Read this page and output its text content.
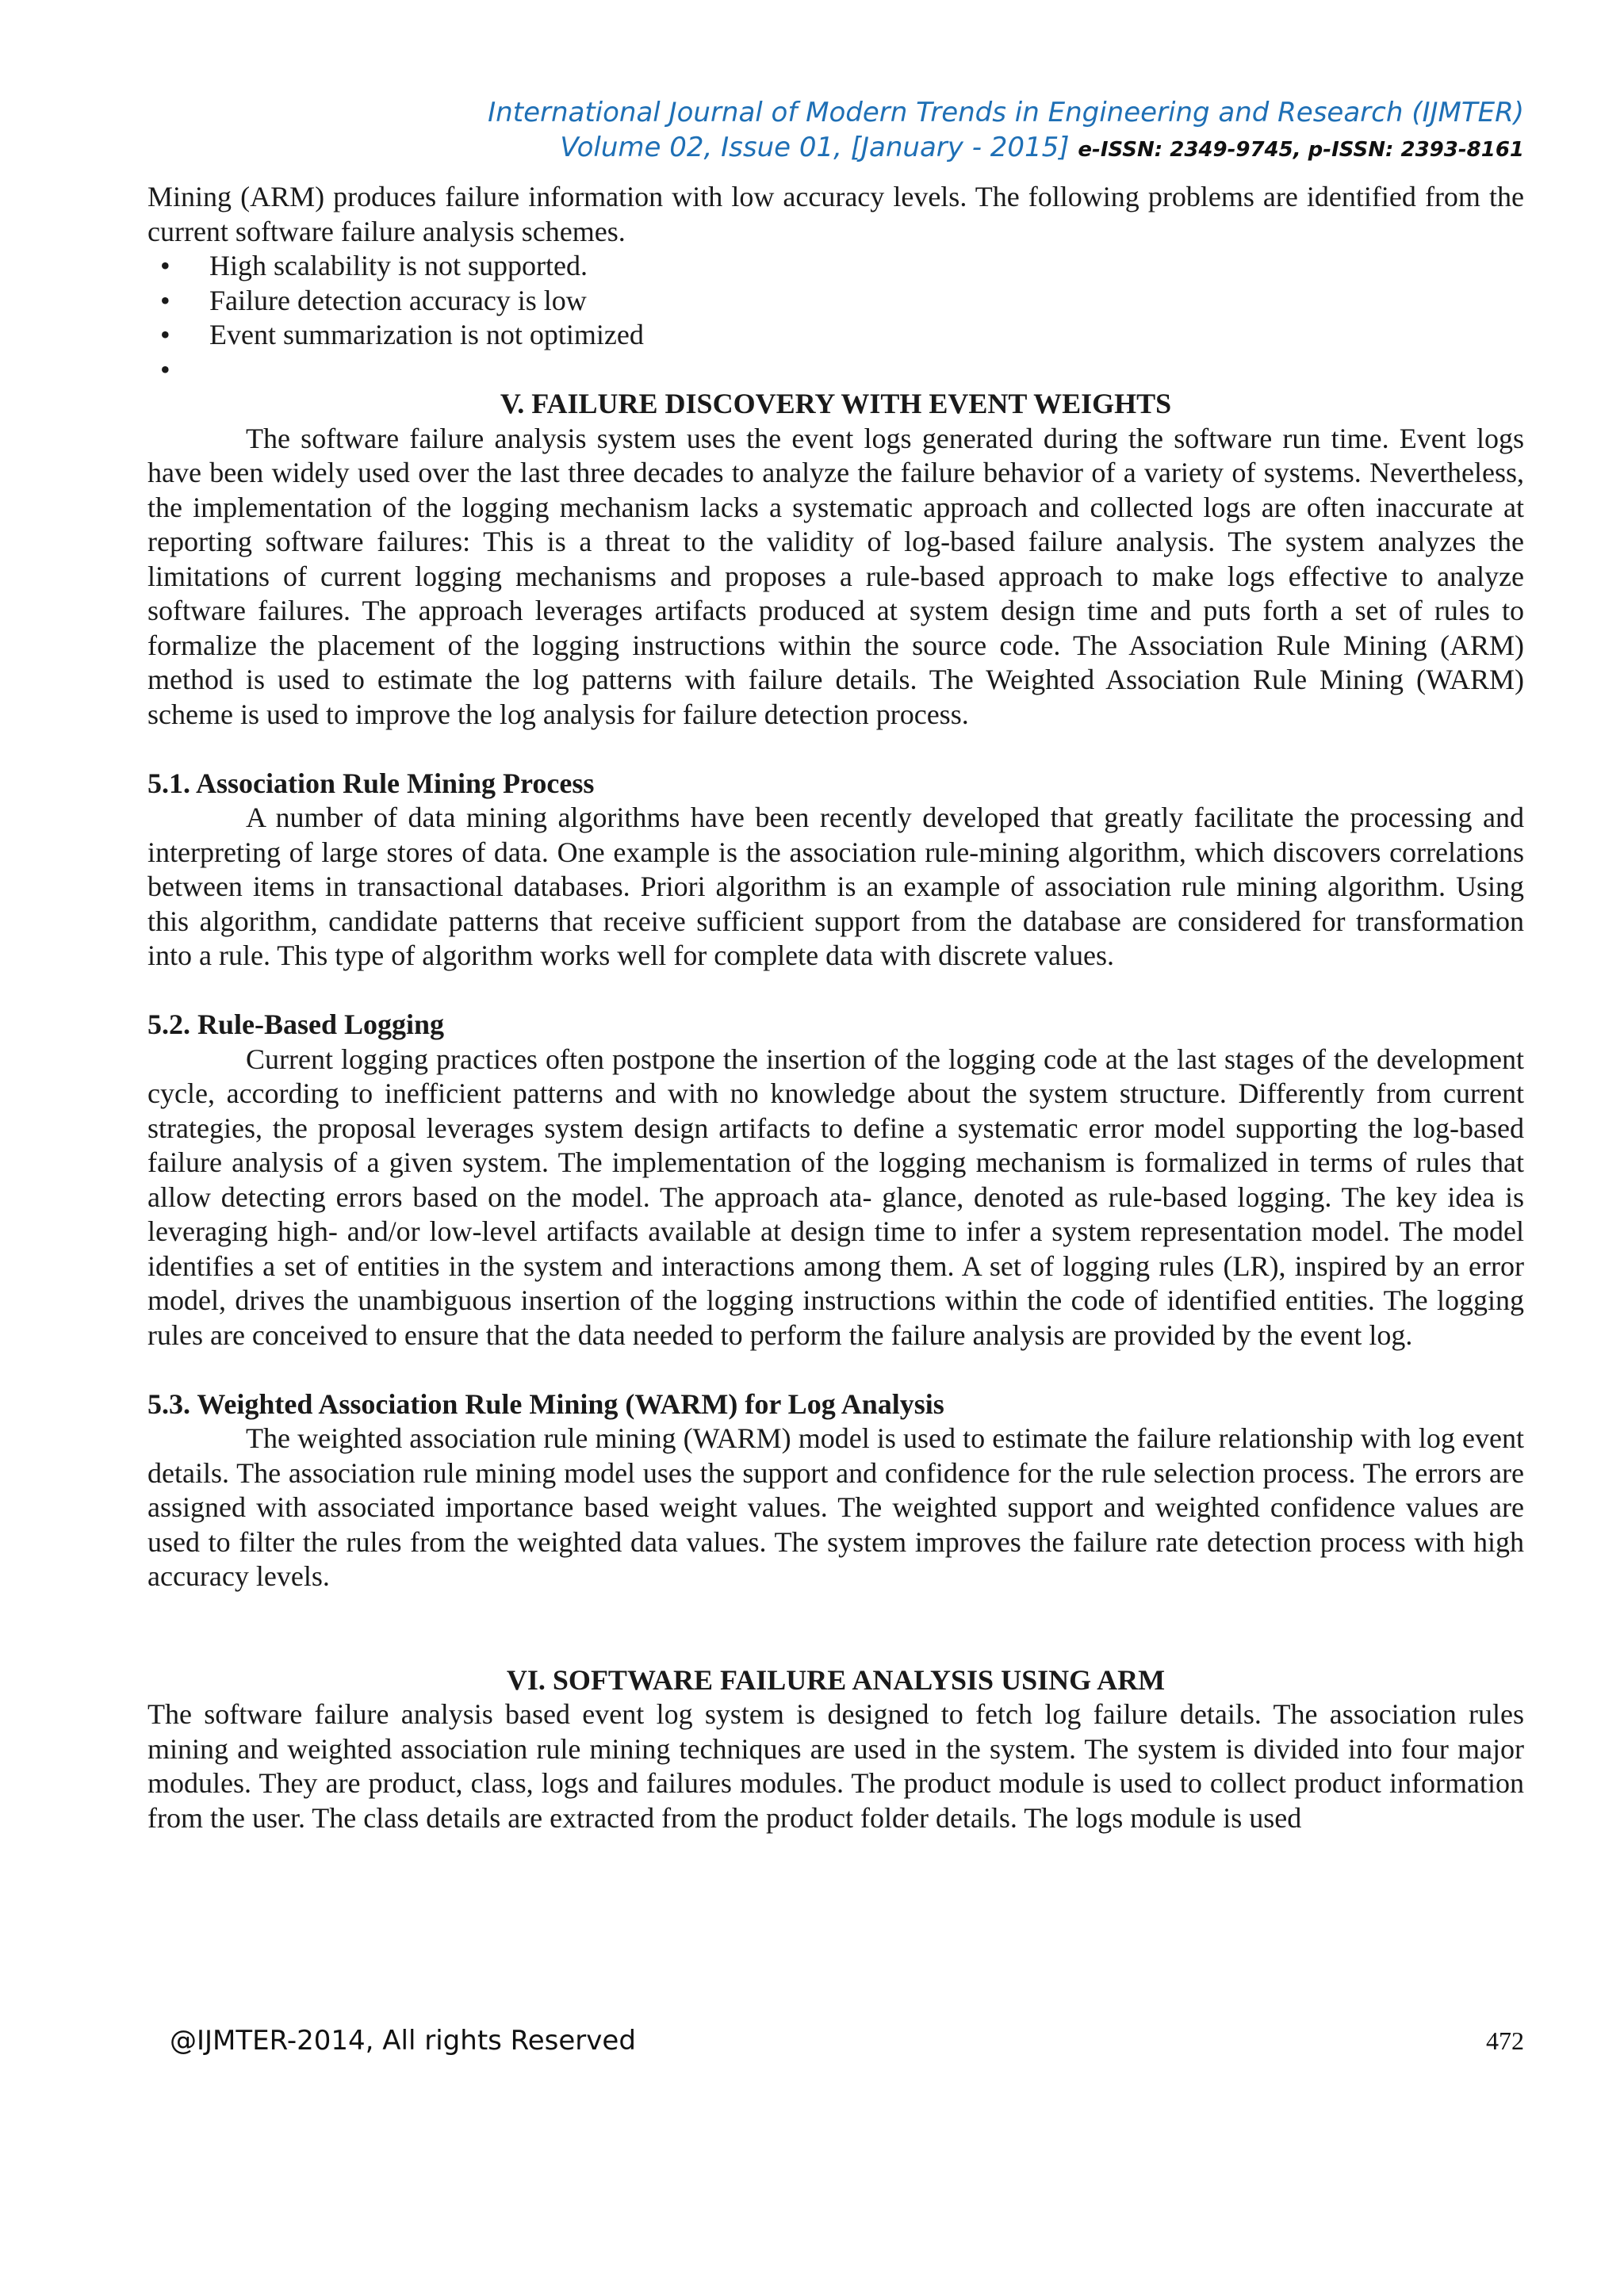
International Journal of Modern Trends in Engineering and Research (IJMTER)
Volume 02, Issue 01, [January - 2015] e-ISSN: 2349-9745, p-ISSN: 2393-8161

Mining (ARM) produces failure information with low accuracy levels. The following problems are identified from the current software failure analysis schemes.

• High scalability is not supported.
• Failure detection accuracy is low
• Event summarization is not optimized
•
V. FAILURE DISCOVERY WITH EVENT WEIGHTS

The software failure analysis system uses the event logs generated during the software run time. Event logs have been widely used over the last three decades to analyze the failure behavior of a variety of systems. Nevertheless, the implementation of the logging mechanism lacks a systematic approach and collected logs are often inaccurate at reporting software failures: This is a threat to the validity of log-based failure analysis. The system analyzes the limitations of current logging mechanisms and proposes a rule-based approach to make logs effective to analyze software failures. The approach leverages artifacts produced at system design time and puts forth a set of rules to formalize the placement of the logging instructions within the source code. The Association Rule Mining (ARM) method is used to estimate the log patterns with failure details. The Weighted Association Rule Mining (WARM) scheme is used to improve the log analysis for failure detection process.

5.1. Association Rule Mining Process

A number of data mining algorithms have been recently developed that greatly facilitate the processing and interpreting of large stores of data. One example is the association rule-mining algorithm, which discovers correlations between items in transactional databases. Priori algorithm is an example of association rule mining algorithm. Using this algorithm, candidate patterns that receive sufficient support from the database are considered for transformation into a rule. This type of algorithm works well for complete data with discrete values.

5.2. Rule-Based Logging

Current logging practices often postpone the insertion of the logging code at the last stages of the development cycle, according to inefficient patterns and with no knowledge about the system structure. Differently from current strategies, the proposal leverages system design artifacts to define a systematic error model supporting the log-based failure analysis of a given system. The implementation of the logging mechanism is formalized in terms of rules that allow detecting errors based on the model. The approach ata- glance, denoted as rule-based logging. The key idea is leveraging high- and/or low-level artifacts available at design time to infer a system representation model. The model identifies a set of entities in the system and interactions among them. A set of logging rules (LR), inspired by an error model, drives the unambiguous insertion of the logging instructions within the code of identified entities. The logging rules are conceived to ensure that the data needed to perform the failure analysis are provided by the event log.

5.3. Weighted Association Rule Mining (WARM) for Log Analysis

The weighted association rule mining (WARM) model is used to estimate the failure relationship with log event details. The association rule mining model uses the support and confidence for the rule selection process. The errors are assigned with associated importance based weight values. The weighted support and weighted confidence values are used to filter the rules from the weighted data values. The system improves the failure rate detection process with high accuracy levels.

VI. SOFTWARE FAILURE ANALYSIS USING ARM

The software failure analysis based event log system is designed to fetch log failure details. The association rules mining and weighted association rule mining techniques are used in the system. The system is divided into four major modules. They are product, class, logs and failures modules. The product module is used to collect product information from the user. The class details are extracted from the product folder details. The logs module is used

@IJMTER-2014, All rights Reserved	472
